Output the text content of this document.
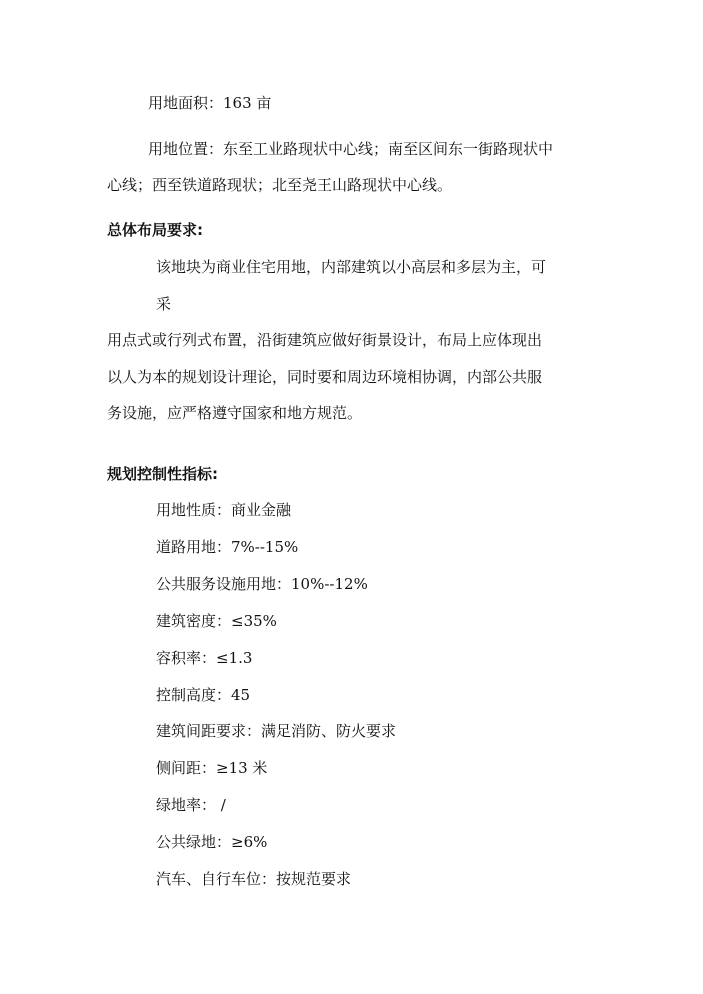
用地面积：163 亩
用地位置：东至工业路现状中心线；南至区间东一街路现状中
心线；西至铁道路现状；北至尧王山路现状中心线。
总体布局要求:
该地块为商业住宅用地，内部建筑以小高层和多层为主，可
采
用点式或行列式布置，沿街建筑应做好街景设计，布局上应体现出
以人为本的规划设计理论，同时要和周边环境相协调，内部公共服
务设施，应严格遵守国家和地方规范。
规划控制性指标:
用地性质：商业金融
道路用地：7%--15%
公共服务设施用地：10%--12%
建筑密度：≤35%
容积率：≤1.3
控制高度：45
建筑间距要求：满足消防、防火要求
侧间距：≥13 米
绿地率： /
公共绿地：≥6%
汽车、自行车位：按规范要求
